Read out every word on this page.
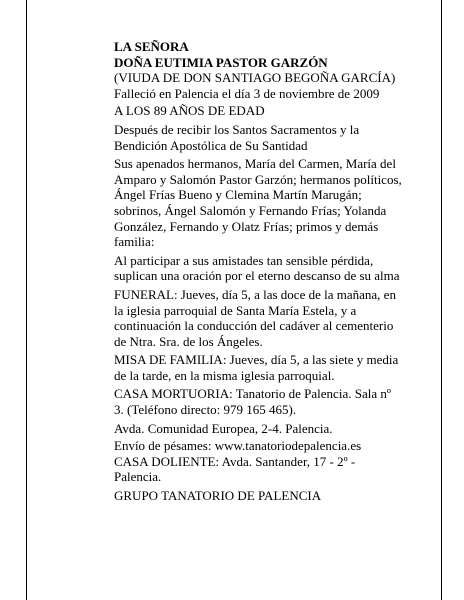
LA SEÑORA
DOÑA EUTIMIA PASTOR GARZÓN
(VIUDA DE DON SANTIAGO BEGOÑA GARCÍA)
Falleció en Palencia el día 3 de noviembre de 2009
A LOS 89 AÑOS DE EDAD
Después de recibir los Santos Sacramentos y la
Bendición Apostólica de Su Santidad
Sus apenados hermanos, María del Carmen, María del
Amparo y Salomón Pastor Garzón; hermanos políticos,
Ángel Frías Bueno y Clemina Martín Marugán;
sobrinos, Ángel Salomón y Fernando Frías; Yolanda
González, Fernando y Olatz Frías; primos y demás
familia:
Al participar a sus amistades tan sensible pérdida,
suplican una oración por el eterno descanso de su alma
FUNERAL: Jueves, día 5, a las doce de la mañana, en
la iglesia parroquial de Santa María Estela, y a
continuación la conducción del cadáver al cementerio
de Ntra. Sra. de los Ángeles.
MISA DE FAMILIA: Jueves, día 5, a las siete y media
de la tarde, en la misma iglesia parroquial.
CASA MORTUORIA: Tanatorio de Palencia. Sala nº
3. (Teléfono directo: 979 165 465).
Avda. Comunidad Europea, 2-4. Palencia.
Envío de pésames: www.tanatoriodepalencia.es
CASA DOLIENTE: Avda. Santander, 17 - 2º -
Palencia.
GRUPO TANATORIO DE PALENCIA
